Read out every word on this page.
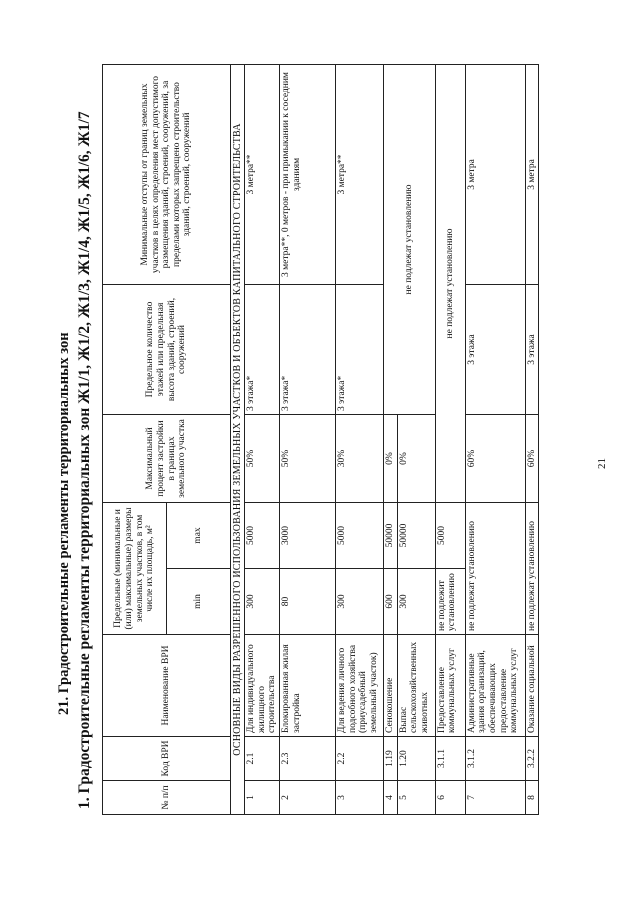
21
21. Градостроительные регламенты территориальных зон 1. Градостроительные регламенты территориальных зон Ж1/1, Ж1/2, Ж1/3, Ж1/4, Ж1/5, Ж1/6, Ж1/7	№ п/п	Код ВРИ	Наименование ВРИ	Предельные (минимальные и (или) максимальные) размеры земельных участков, в том числе их площадь, м²		Максимальный процент застройки в границах земельного участка	Предельное количество этажей или предельная высота зданий, строений, сооружений	Минимальные отступы от границ земельных участков в целях определения мест допустимого размещения зданий, строений, сооружений, за пределами которых запрещено строительство зданий, строений, сооружений
			min	max			
ОСНОВНЫЕ ВИДЫ РАЗРЕШЕННОГО ИСПОЛЬЗОВАНИЯ ЗЕМЕЛЬНЫХ УЧАСТКОВ И ОБЪЕКТОВ КАПИТАЛЬНОГО СТРОИТЕЛЬСТВА							
1	2.1	Для индивидуального жилищного строительства	300	5000	50%	3 этажа*	3 метра**
2	2.3	Блокированная жилая застройка	80	3000	50%	3 этажа*	3 метра**, 0 метров - при примыкании к соседним зданиям
3	2.2	Для ведения личного подсобного хозяйства (приусадебный земельный участок)	300	5000	30%	3 этажа*	3 метра**
4	1.19	Сенокошение	600	50000	0%	не подлежат установлению	
5	1.20	Выпас сельскохозяйственных животных	300	50000	0%		
6	3.1.1	Предоставление коммунальных услуг	не подлежит установлению	5000	не подлежат установлению		
7	3.1.2	Административные здания организаций, обеспечивающих предоставление коммунальных услуг	не подлежат установлению		60%	3 этажа	3 метра
8	3.2.2	Оказание социальной	не подлежат установлению		60%	3 этажа	3 метра
